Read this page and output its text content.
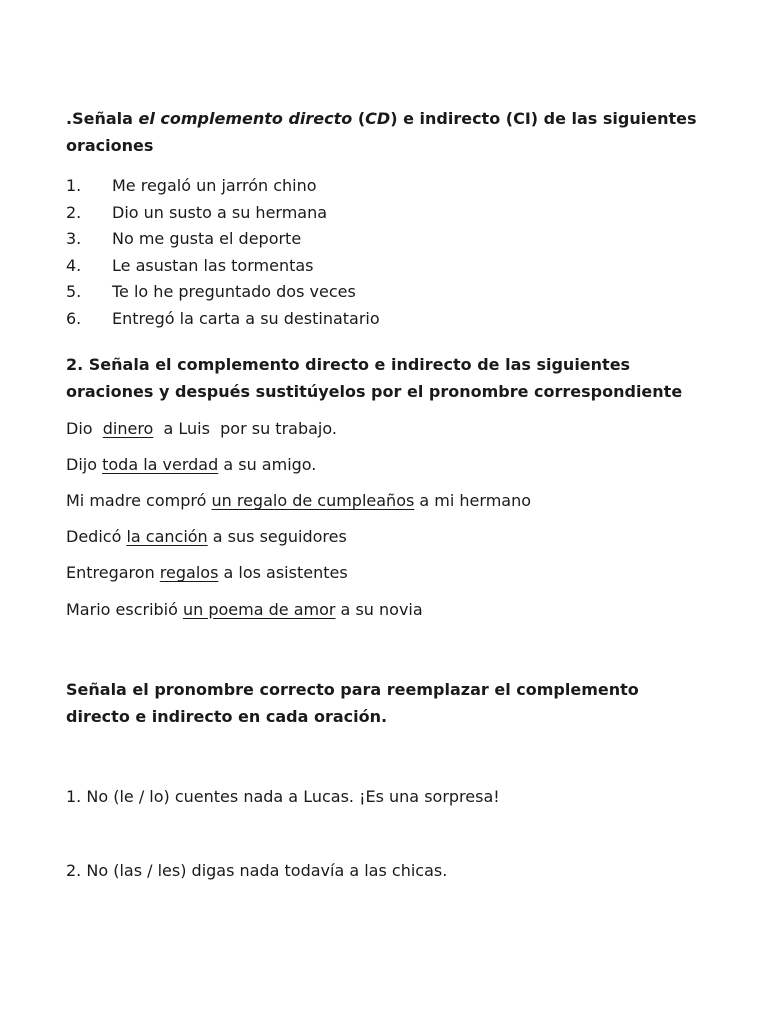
.Señala el complemento directo (CD) e indirecto (CI) de las siguientes oraciones

1.	Me regaló un jarrón chino
2.	Dio un susto a su hermana
3.	No me gusta el deporte
4.	Le asustan las tormentas
5.	Te lo he preguntado dos veces
6.	Entregó la carta a su destinatario

2. Señala el complemento directo e indirecto de las siguientes oraciones y después sustitúyelos por el pronombre correspondiente

Dio  dinero  a Luis  por su trabajo.
Dijo toda la verdad a su amigo.
Mi madre compró un regalo de cumpleaños a mi hermano
Dedicó la canción a sus seguidores
Entregaron regalos a los asistentes
Mario escribió un poema de amor a su novia

Señala el pronombre correcto para reemplazar el complemento directo e indirecto en cada oración.

1. No (le / lo) cuentes nada a Lucas. ¡Es una sorpresa!
2. No (las / les) digas nada todavía a las chicas.
